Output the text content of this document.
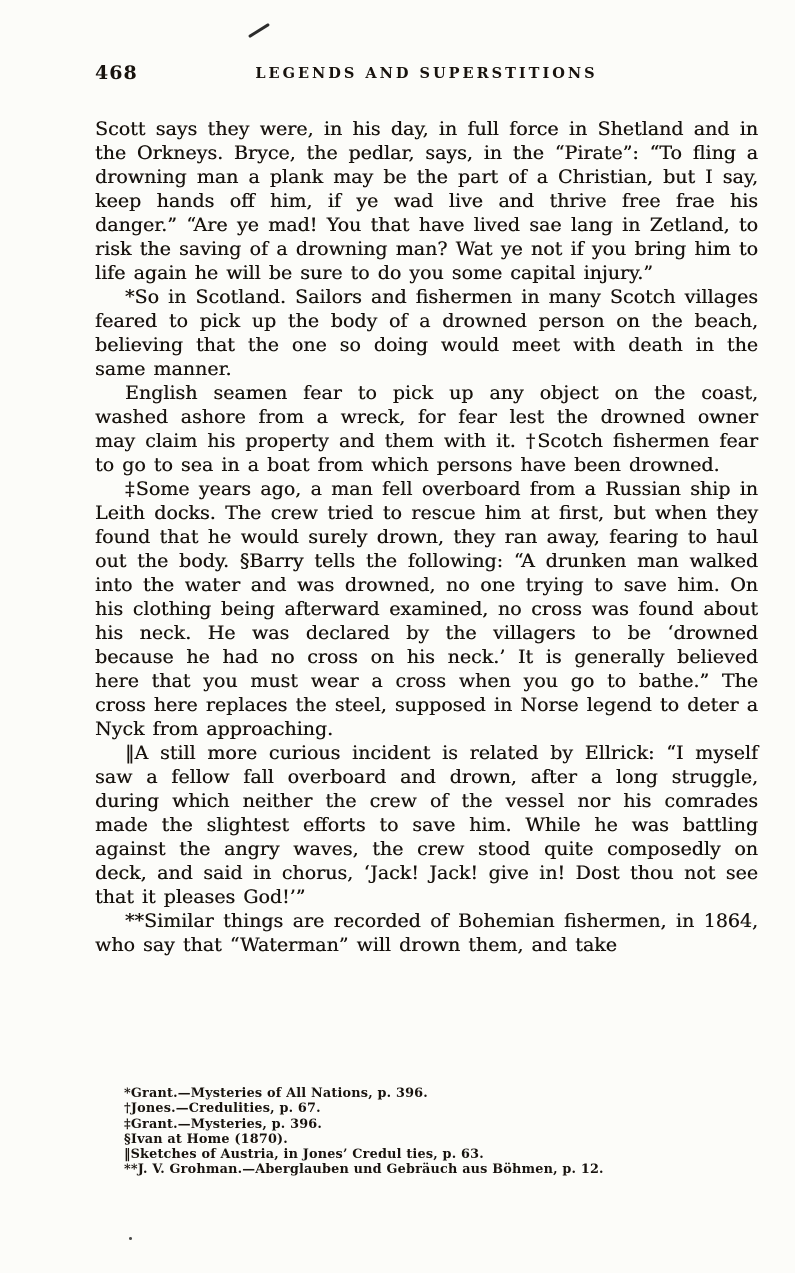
468	LEGENDS AND SUPERSTITIONS

Scott says they were, in his day, in full force in Shetland and in the Orkneys. Bryce, the pedlar, says, in the “Pirate”: “To fling a drowning man a plank may be the part of a Christian, but I say, keep hands off him, if ye wad live and thrive free frae his danger.” “Are ye mad! You that have lived sae lang in Zetland, to risk the saving of a drowning man? Wat ye not if you bring him to life again he will be sure to do you some capital injury.”

*So in Scotland. Sailors and fishermen in many Scotch villages feared to pick up the body of a drowned person on the beach, believing that the one so doing would meet with death in the same manner.

English seamen fear to pick up any object on the coast, washed ashore from a wreck, for fear lest the drowned owner may claim his property and them with it. †Scotch fishermen fear to go to sea in a boat from which persons have been drowned.

‡Some years ago, a man fell overboard from a Russian ship in Leith docks. The crew tried to rescue him at first, but when they found that he would surely drown, they ran away, fearing to haul out the body. §Barry tells the following: “A drunken man walked into the water and was drowned, no one trying to save him. On his clothing being afterward examined, no cross was found about his neck. He was declared by the villagers to be ‘drowned because he had no cross on his neck.’ It is generally believed here that you must wear a cross when you go to bathe.” The cross here replaces the steel, supposed in Norse legend to deter a Nyck from approaching.

‖A still more curious incident is related by Ellrick: “I myself saw a fellow fall overboard and drown, after a long struggle, during which neither the crew of the vessel nor his comrades made the slightest efforts to save him. While he was battling against the angry waves, the crew stood quite composedly on deck, and said in chorus, ‘Jack! Jack! give in! Dost thou not see that it pleases God!’”

**Similar things are recorded of Bohemian fishermen, in 1864, who say that “Waterman” will drown them, and take

*Grant.—Mysteries of All Nations, p. 396.
†Jones.—Credulities, p. 67.
‡Grant.—Mysteries, p. 396.
§Ivan at Home (1870).
‖Sketches of Austria, in Jones’ Credul ties, p. 63.
**J. V. Grohman.—Aberglauben und Gebräuch aus Böhmen, p. 12.
